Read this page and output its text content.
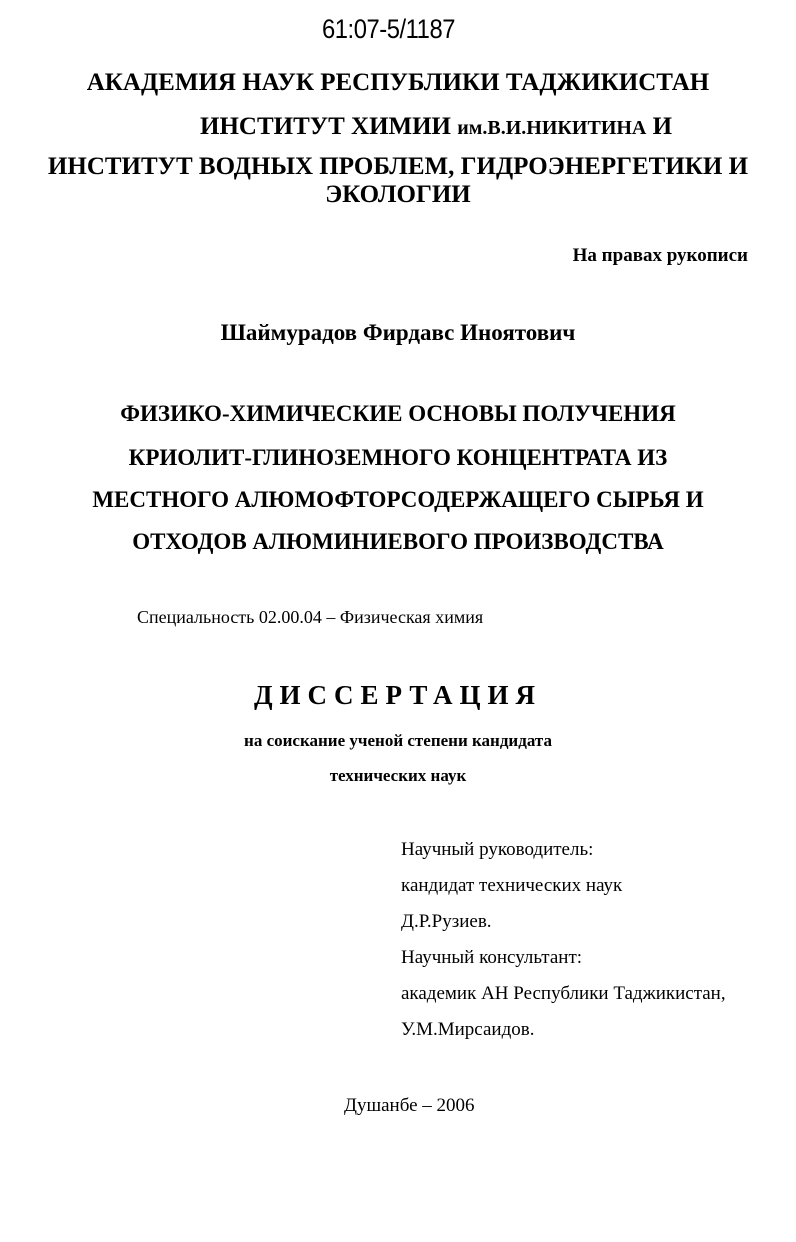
61:07-5/1187
АКАДЕМИЯ НАУК РЕСПУБЛИКИ ТАДЖИКИСТАН
ИНСТИТУТ ХИМИИ им.В.И.НИКИТИНА И
ИНСТИТУТ ВОДНЫХ ПРОБЛЕМ, ГИДРОЭНЕРГЕТИКИ И
ЭКОЛОГИИ
На правах рукописи
Шаймурадов Фирдавс Иноятович
ФИЗИКО-ХИМИЧЕСКИЕ ОСНОВЫ ПОЛУЧЕНИЯ
КРИОЛИТ-ГЛИНОЗЕМНОГО КОНЦЕНТРАТА ИЗ
МЕСТНОГО АЛЮМОФТОРСОДЕРЖАЩЕГО СЫРЬЯ И
ОТХОДОВ АЛЮМИНИЕВОГО ПРОИЗВОДСТВА
Специальность 02.00.04 – Физическая химия
ДИССЕРТАЦИЯ
на соискание ученой степени кандидата
технических наук
Научный руководитель:
кандидат технических наук
Д.Р.Рузиев.
Научный консультант:
академик АН Республики Таджикистан,
У.М.Мирсаидов.
Душанбе – 2006
